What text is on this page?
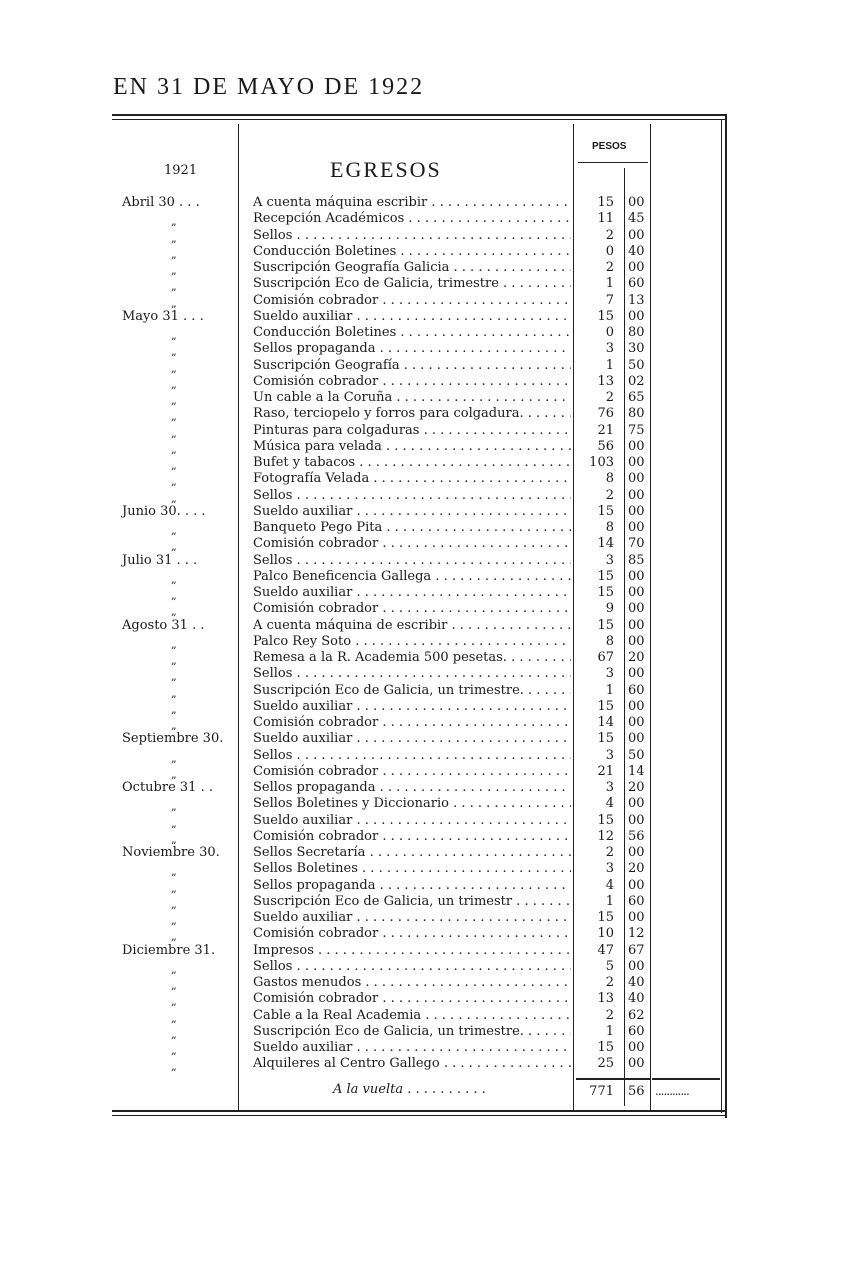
EN 31 DE MAYO DE 1922
1921	EGRESOS
PESOS
Abril 30 . . .	A cuenta máquina escribir . . .	15 00
„	Recepción Académicos . . .	11 45
„	Sellos . . .	2 00
„	Conducción Boletines . . .	0 40
„	Suscripción Geografía Galicia . . .	2 00
„	Suscripción Eco de Galicia, trimestre . . .	1 60
„	Comisión cobrador . . .	7 13
Mayo 31 . . .	Sueldo auxiliar . . .	15 00
„	Conducción Boletines . . .	0 80
„	Sellos propaganda . . .	3 30
„	Suscripción Geografía . . .	1 50
„	Comisión cobrador . . .	13 02
„	Un cable a la Coruña . . .	2 65
„	Raso, terciopelo y forros para colgadura. . . .	76 80
„	Pinturas para colgaduras . . .	21 75
„	Música para velada . . .	56 00
„	Bufet y tabacos . . .	103 00
„	Fotografía Velada . . .	8 00
„	Sellos . . .	2 00
Junio 30. . . .	Sueldo auxiliar . . .	15 00
„	Banqueto Pego Pita . . .	8 00
„	Comisión cobrador . . .	14 70
Julio 31 . . .	Sellos . . .	3 85
„	Palco Beneficencia Gallega . . .	15 00
„	Sueldo auxiliar . . .	15 00
„	Comisión cobrador . . .	9 00
Agosto 31 . .	A cuenta máquina de escribir . . .	15 00
„	Palco Rey Soto . . .	8 00
„	Remesa a la R. Academia 500 pesetas. . . .	67 20
„	Sellos . . .	3 00
„	Suscripción Eco de Galicia, un trimestre. . . .	1 60
„	Sueldo auxiliar . . .	15 00
„	Comisión cobrador . . .	14 00
Septiembre 30. Sueldo auxiliar . . .	15 00
„	Sellos . . .	3 50
„	Comisión cobrador . . .	21 14
Octubre 31 . .	Sellos propaganda . . .	3 20
„	Sellos Boletines y Diccionario . . .	4 00
„	Sueldo auxiliar . . .	15 00
„	Comisión cobrador . . .	12 56
Noviembre 30.	Sellos Secretaría . . .	2 00
„	Sellos Boletines . . .	3 20
„	Sellos propaganda . . .	4 00
„	Suscripción Eco de Galicia, un trimestr . . .	1 60
„	Sueldo auxiliar . . .	15 00
„	Comisión cobrador . . .	10 12
Diciembre 31.	Impresos . . .	47 67
„	Sellos . . .	5 00
„	Gastos menudos . . .	2 40
„	Comisión cobrador . . .	13 40
„	Cable a la Real Academia . . .	2 62
„	Suscripción Eco de Galicia, un trimestre. . . .	1 60
„	Sueldo auxiliar . . .	15 00
„	Alquileres al Centro Gallego . . .	25 00
A la vuelta . . .	771 56 ............
